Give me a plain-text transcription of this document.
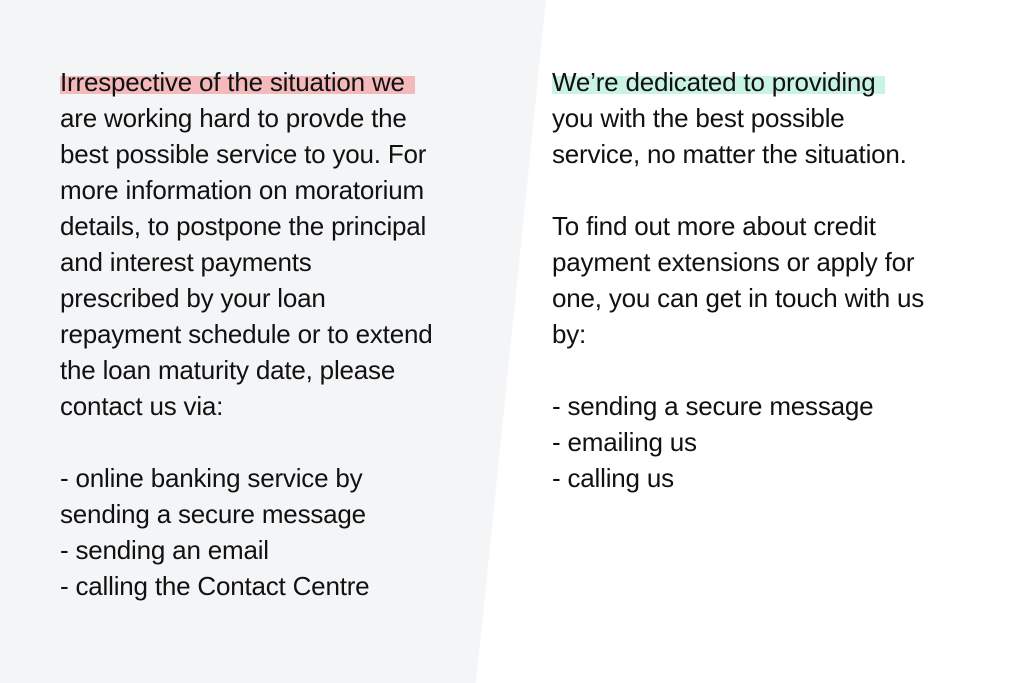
Irrespective of the situation we
are working hard to provde the
best possible service to you. For
more information on moratorium
details, to postpone the principal
and interest payments
prescribed by your loan
repayment schedule or to extend
the loan maturity date, please
contact us via:

- online banking service by
sending a secure message
- sending an email
- calling the Contact Centre
We’re dedicated to providing
you with the best possible
service, no matter the situation.

To find out more about credit
payment extensions or apply for
one, you can get in touch with us
by:

- sending a secure message
- emailing us
- calling us
